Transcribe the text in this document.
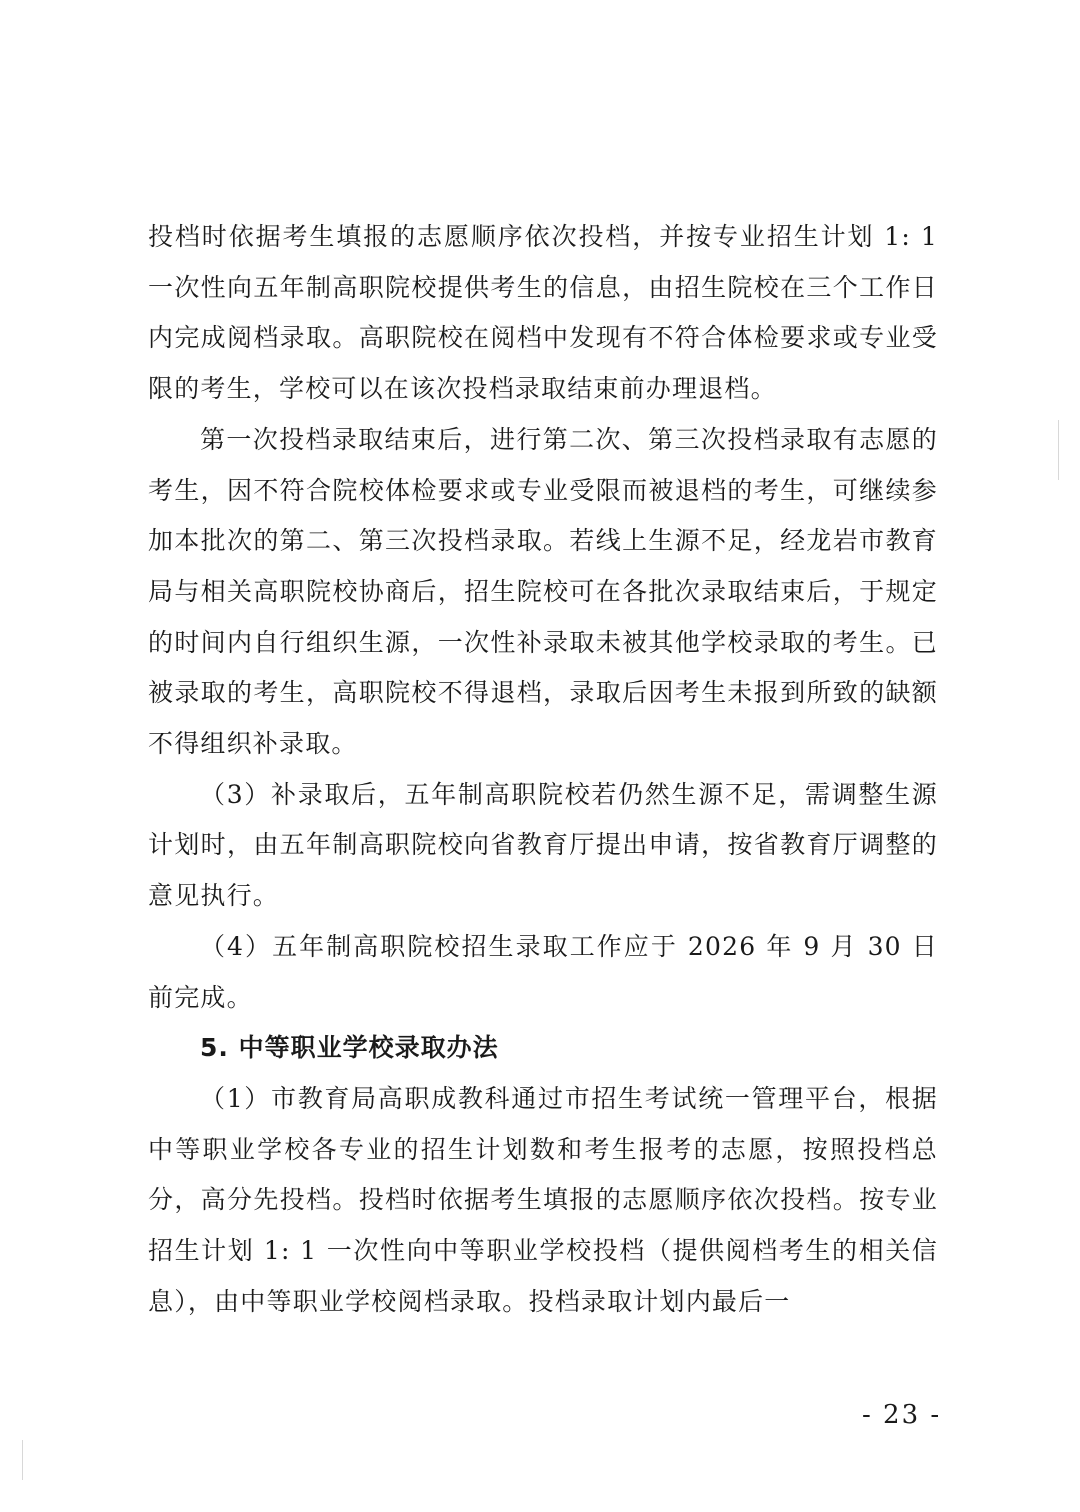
投档时依据考生填报的志愿顺序依次投档，并按专业招生计划 1: 1 一次性向五年制高职院校提供考生的信息，由招生院校在三个工作日内完成阅档录取。高职院校在阅档中发现有不符合体检要求或专业受限的考生，学校可以在该次投档录取结束前办理退档。

第一次投档录取结束后，进行第二次、第三次投档录取有志愿的考生，因不符合院校体检要求或专业受限而被退档的考生，可继续参加本批次的第二、第三次投档录取。若线上生源不足，经龙岩市教育局与相关高职院校协商后，招生院校可在各批次录取结束后，于规定的时间内自行组织生源，一次性补录取未被其他学校录取的考生。已被录取的考生，高职院校不得退档，录取后因考生未报到所致的缺额不得组织补录取。

（3）补录取后，五年制高职院校若仍然生源不足，需调整生源计划时，由五年制高职院校向省教育厅提出申请，按省教育厅调整的意见执行。

（4）五年制高职院校招生录取工作应于 2026 年 9 月 30 日前完成。

5. 中等职业学校录取办法

（1）市教育局高职成教科通过市招生考试统一管理平台，根据中等职业学校各专业的招生计划数和考生报考的志愿，按照投档总分，高分先投档。投档时依据考生填报的志愿顺序依次投档。按专业招生计划 1: 1 一次性向中等职业学校投档（提供阅档考生的相关信息），由中等职业学校阅档录取。投档录取计划内最后一

- 23 -
